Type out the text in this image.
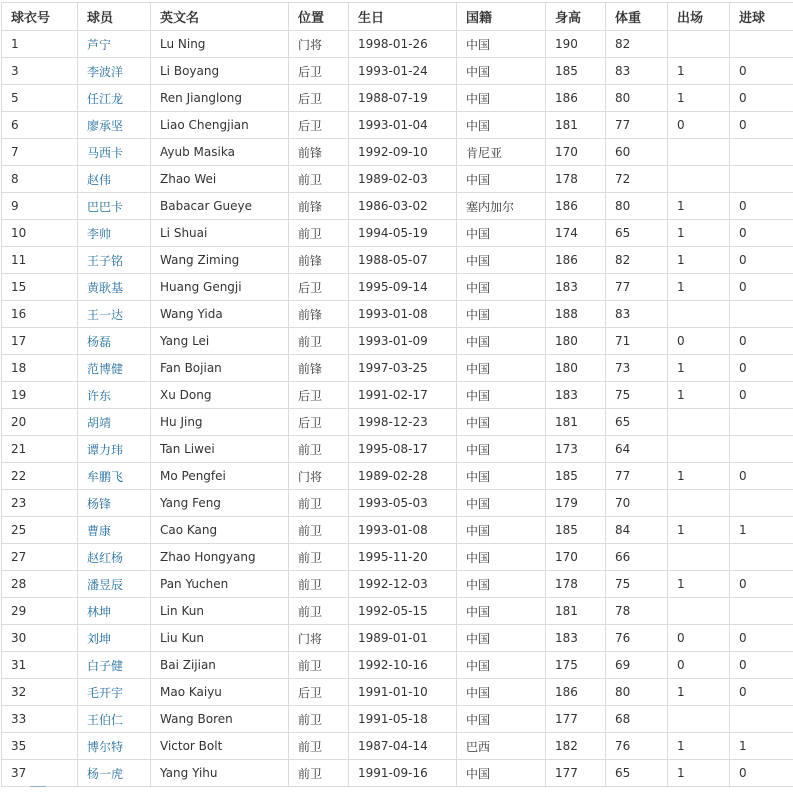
球衣号	球员	英文名	位置	生日	国籍	身高	体重	出场	进球
1	芦宁	Lu Ning	门将	1998-01-26	中国	190	82		
3	李波洋	Li Boyang	后卫	1993-01-24	中国	185	83	1	0
5	任江龙	Ren Jianglong	后卫	1988-07-19	中国	186	80	1	0
6	廖承坚	Liao Chengjian	后卫	1993-01-04	中国	181	77	0	0
7	马西卡	Ayub Masika	前锋	1992-09-10	肯尼亚	170	60		
8	赵伟	Zhao Wei	前卫	1989-02-03	中国	178	72		
9	巴巴卡	Babacar Gueye	前锋	1986-03-02	塞内加尔	186	80	1	0
10	李帅	Li Shuai	前卫	1994-05-19	中国	174	65	1	0
11	王子铭	Wang Ziming	前锋	1988-05-07	中国	186	82	1	0
15	黄耿基	Huang Gengji	后卫	1995-09-14	中国	183	77	1	0
16	王一达	Wang Yida	前锋	1993-01-08	中国	188	83		
17	杨磊	Yang Lei	前卫	1993-01-09	中国	180	71	0	0
18	范博健	Fan Bojian	前锋	1997-03-25	中国	180	73	1	0
19	许东	Xu Dong	后卫	1991-02-17	中国	183	75	1	0
20	胡靖	Hu Jing	后卫	1998-12-23	中国	181	65		
21	谭力玮	Tan Liwei	前卫	1995-08-17	中国	173	64		
22	牟鹏飞	Mo Pengfei	门将	1989-02-28	中国	185	77	1	0
23	杨锋	Yang Feng	前卫	1993-05-03	中国	179	70		
25	曹康	Cao Kang	前卫	1993-01-08	中国	185	84	1	1
27	赵红杨	Zhao Hongyang	前卫	1995-11-20	中国	170	66		
28	潘昱辰	Pan Yuchen	前卫	1992-12-03	中国	178	75	1	0
29	林坤	Lin Kun	前卫	1992-05-15	中国	181	78		
30	刘坤	Liu Kun	门将	1989-01-01	中国	183	76	0	0
31	白子健	Bai Zijian	前卫	1992-10-16	中国	175	69	0	0
32	毛开宇	Mao Kaiyu	后卫	1991-01-10	中国	186	80	1	0
33	王伯仁	Wang Boren	前卫	1991-05-18	中国	177	68		
35	博尔特	Victor Bolt	前卫	1987-04-14	巴西	182	76	1	1
37	杨一虎	Yang Yihu	前卫	1991-09-16	中国	177	65	1	0
